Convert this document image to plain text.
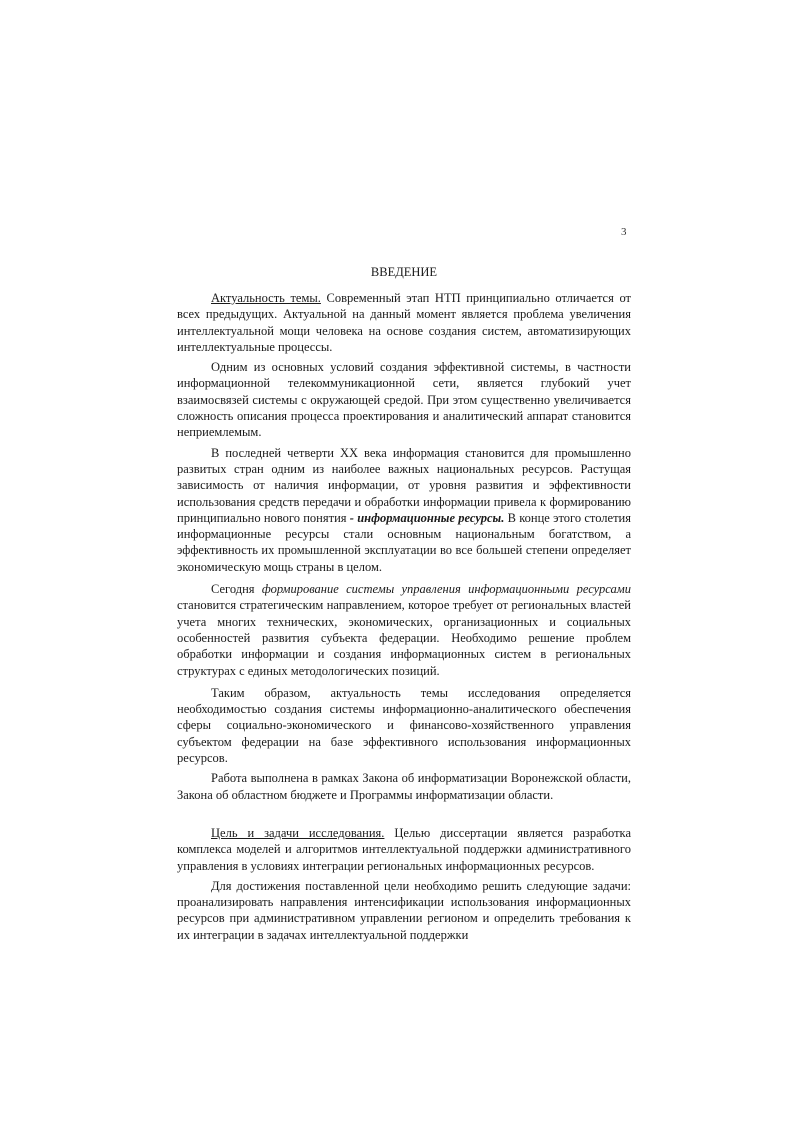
3
ВВЕДЕНИЕ

Актуальность темы. Современный этап НТП принципиально отличается от всех предыдущих. Актуальной на данный момент является проблема увеличения интеллектуальной мощи человека на основе создания систем, автоматизирующих интеллектуальные процессы.

Одним из основных условий создания эффективной системы, в частности информационной телекоммуникационной сети, является глубокий учет взаимосвязей системы с окружающей средой. При этом существенно увеличивается сложность описания процесса проектирования и аналитический аппарат становится неприемлемым.

В последней четверти XX века информация становится для промышленно развитых стран одним из наиболее важных национальных ресурсов. Растущая зависимость от наличия информации, от уровня развития и эффективности использования средств передачи и обработки информации привела к формированию принципиально нового понятия - информационные ресурсы. В конце этого столетия информационные ресурсы стали основным национальным богатством, а эффективность их промышленной эксплуатации во все большей степени определяет экономическую мощь страны в целом.

Сегодня формирование системы управления информационными ресурсами становится стратегическим направлением, которое требует от региональных властей учета многих технических, экономических, организационных и социальных особенностей развития субъекта федерации. Необходимо решение проблем обработки информации и создания информационных систем в региональных структурах с единых методологических позиций.

Таким образом, актуальность темы исследования определяется необходимостью создания системы информационно-аналитического обеспечения сферы социально-экономического и финансово-хозяйственного управления субъектом федерации на базе эффективного использования информационных ресурсов.

Работа выполнена в рамках Закона об информатизации Воронежской области, Закона об областном бюджете и Программы информатизации области.

Цель и задачи исследования. Целью диссертации является разработка комплекса моделей и алгоритмов интеллектуальной поддержки административного управления в условиях интеграции региональных информационных ресурсов.

Для достижения поставленной цели необходимо решить следующие задачи: проанализировать направления интенсификации использования информационных ресурсов при административном управлении регионом и определить требования к их интеграции в задачах интеллектуальной поддержки
